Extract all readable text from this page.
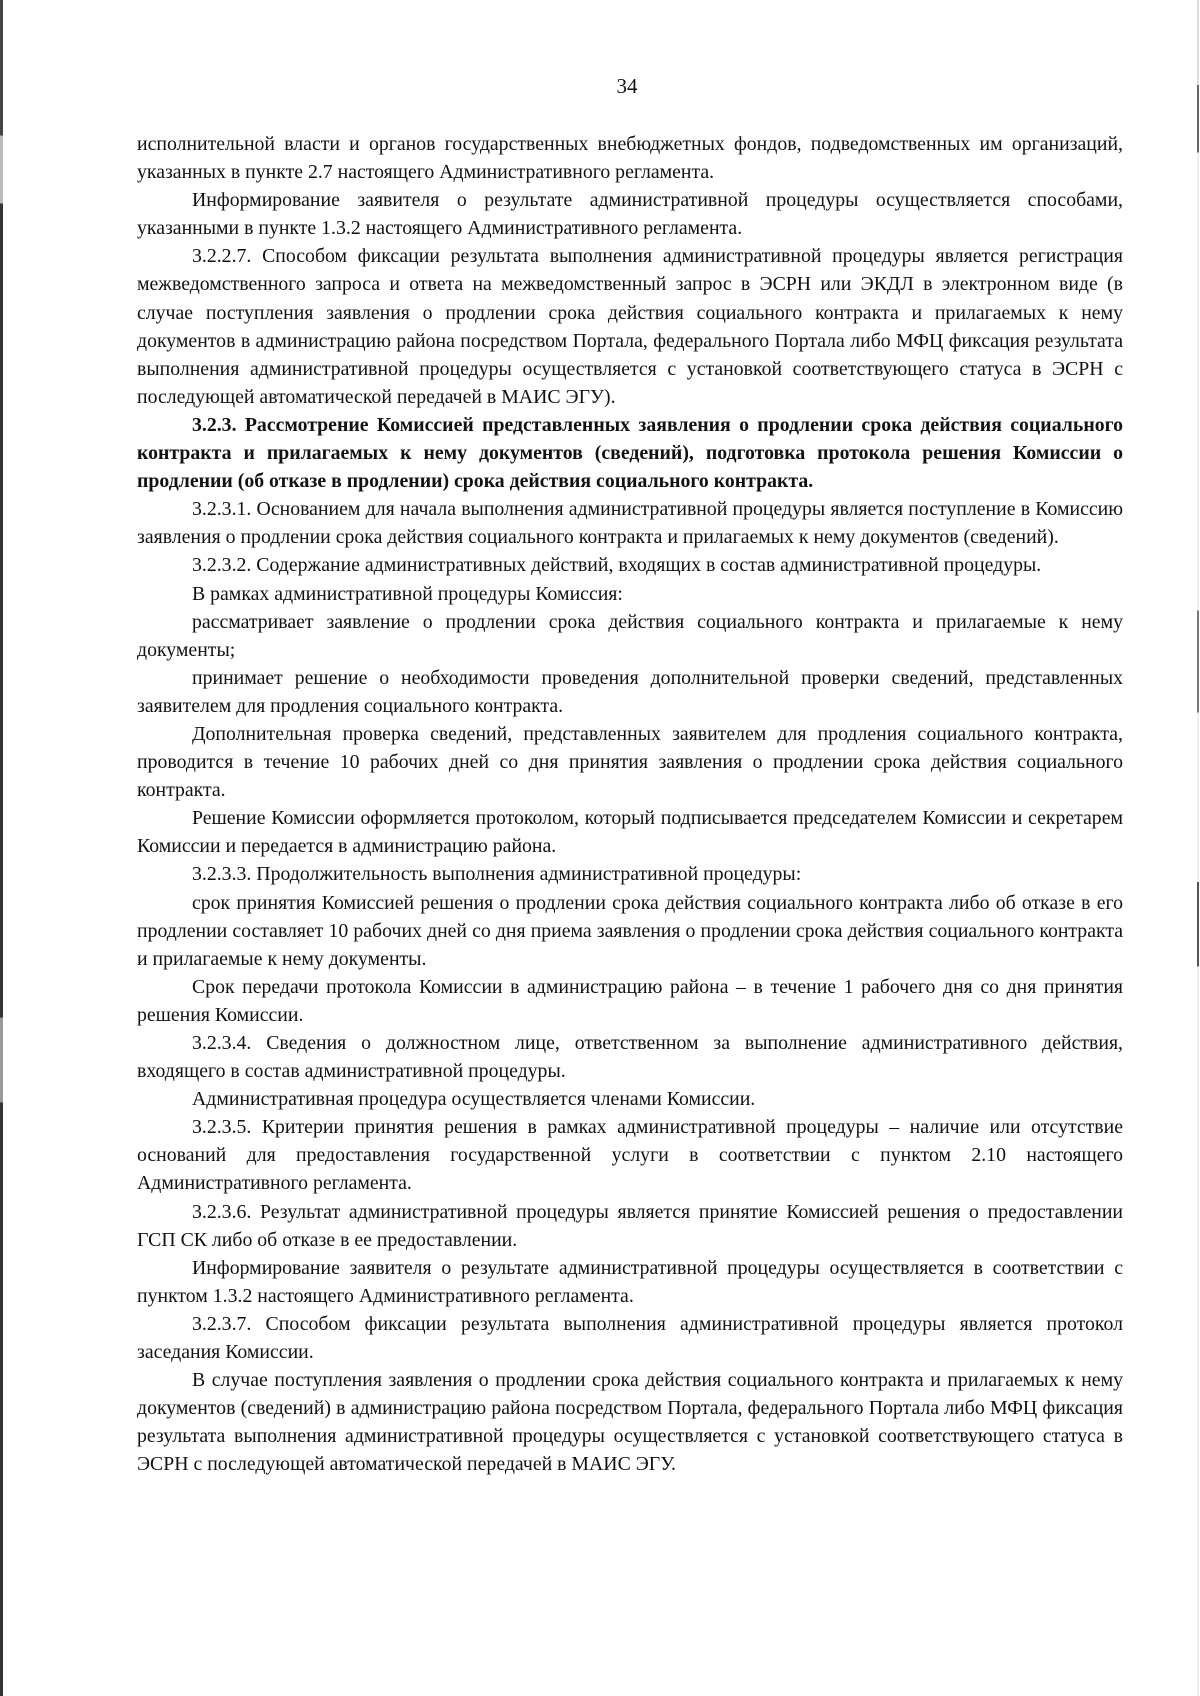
34

исполнительной власти и органов государственных внебюджетных фондов, подведомственных им организаций, указанных в пункте 2.7 настоящего Административного регламента.

Информирование заявителя о результате административной процедуры осуществляется способами, указанными в пункте 1.3.2 настоящего Административного регламента.

3.2.2.7. Способом фиксации результата выполнения административной процедуры является регистрация межведомственного запроса и ответа на межведомственный запрос в ЭСРН или ЭКДЛ в электронном виде (в случае поступления заявления о продлении срока действия социального контракта и прилагаемых к нему документов в администрацию района посредством Портала, федерального Портала либо МФЦ фиксация результата выполнения административной процедуры осуществляется с установкой соответствующего статуса в ЭСРН с последующей автоматической передачей в МАИС ЭГУ).

3.2.3. Рассмотрение Комиссией представленных заявления о продлении срока действия социального контракта и прилагаемых к нему документов (сведений), подготовка протокола решения Комиссии о продлении (об отказе в продлении) срока действия социального контракта.

3.2.3.1. Основанием для начала выполнения административной процедуры является поступление в Комиссию заявления о продлении срока действия социального контракта и прилагаемых к нему документов (сведений).

3.2.3.2. Содержание административных действий, входящих в состав административной процедуры.

В рамках административной процедуры Комиссия:

рассматривает заявление о продлении срока действия социального контракта и прилагаемые к нему документы;

принимает решение о необходимости проведения дополнительной проверки сведений, представленных заявителем для продления социального контракта.

Дополнительная проверка сведений, представленных заявителем для продления социального контракта, проводится в течение 10 рабочих дней со дня принятия заявления о продлении срока действия социального контракта.

Решение Комиссии оформляется протоколом, который подписывается председателем Комиссии и секретарем Комиссии и передается в администрацию района.

3.2.3.3. Продолжительность выполнения административной процедуры:

срок принятия Комиссией решения о продлении срока действия социального контракта либо об отказе в его продлении составляет 10 рабочих дней со дня приема заявления о продлении срока действия социального контракта и прилагаемые к нему документы.

Срок передачи протокола Комиссии в администрацию района – в течение 1 рабочего дня со дня принятия решения Комиссии.

3.2.3.4. Сведения о должностном лице, ответственном за выполнение административного действия, входящего в состав административной процедуры.

Административная процедура осуществляется членами Комиссии.

3.2.3.5. Критерии принятия решения в рамках административной процедуры – наличие или отсутствие оснований для предоставления государственной услуги в соответствии с пунктом 2.10 настоящего Административного регламента.

3.2.3.6. Результат административной процедуры является принятие Комиссией решения о предоставлении ГСП СК либо об отказе в ее предоставлении.

Информирование заявителя о результате административной процедуры осуществляется в соответствии с пунктом 1.3.2 настоящего Административного регламента.

3.2.3.7. Способом фиксации результата выполнения административной процедуры является протокол заседания Комиссии.

В случае поступления заявления о продлении срока действия социального контракта и прилагаемых к нему документов (сведений) в администрацию района посредством Портала, федерального Портала либо МФЦ фиксация результата выполнения административной процедуры осуществляется с установкой соответствующего статуса в ЭСРН с последующей автоматической передачей в МАИС ЭГУ.
